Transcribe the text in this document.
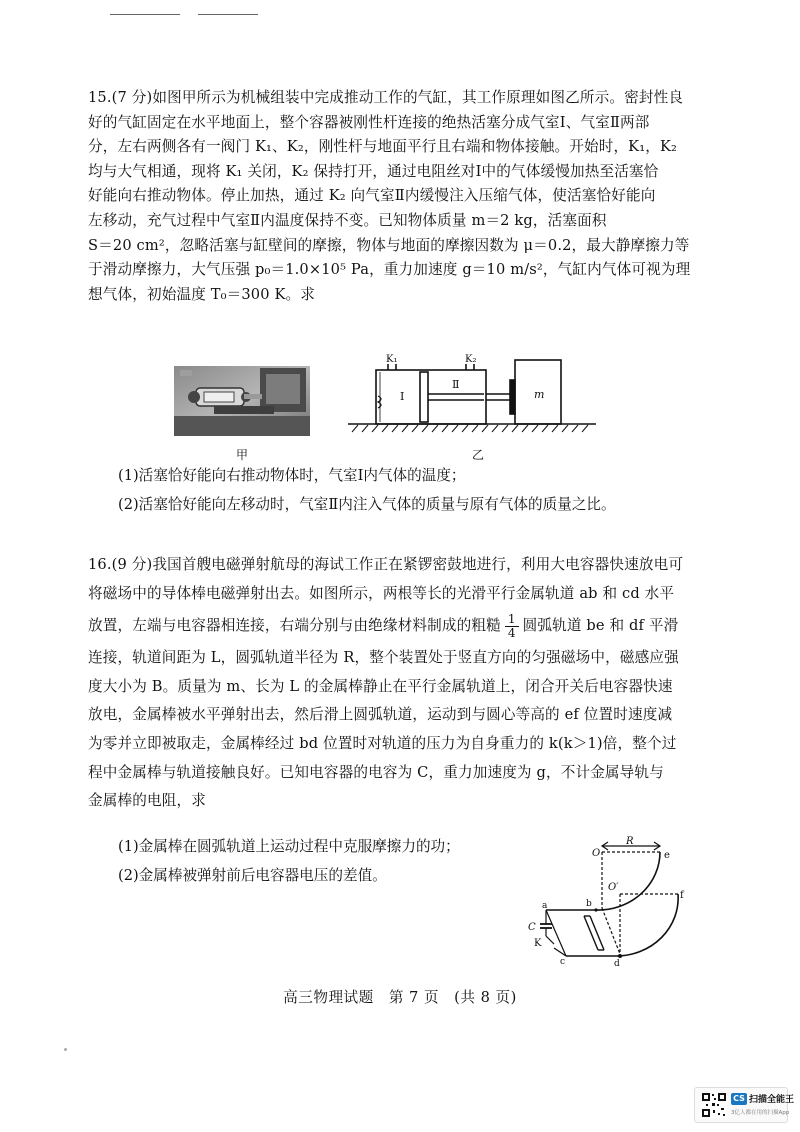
15.(7 分)如图甲所示为机械组装中完成推动工作的气缸，其工作原理如图乙所示。密封性良
好的气缸固定在水平地面上，整个容器被刚性杆连接的绝热活塞分成气室Ⅰ、气室Ⅱ两部
分，左右两侧各有一阀门 K₁、K₂，刚性杆与地面平行且右端和物体接触。开始时，K₁，K₂
均与大气相通，现将 K₁ 关闭，K₂ 保持打开，通过电阻丝对Ⅰ中的气体缓慢加热至活塞恰
好能向右推动物体。停止加热，通过 K₂ 向气室Ⅱ内缓慢注入压缩气体，使活塞恰好能向
左移动，充气过程中气室Ⅱ内温度保持不变。已知物体质量 m＝2 kg，活塞面积
S＝20 cm²，忽略活塞与缸壁间的摩擦，物体与地面的摩擦因数为 μ＝0.2，最大静摩擦力等
于滑动摩擦力，大气压强 p₀＝1.0×10⁵ Pa，重力加速度 g＝10 m/s²，气缸内气体可视为理
想气体，初始温度 T₀＝300 K。求
甲
K₁	K₂
Ⅰ
Ⅱ
m
乙
(1)活塞恰好能向右推动物体时，气室Ⅰ内气体的温度；
(2)活塞恰好能向左移动时，气室Ⅱ内注入气体的质量与原有气体的质量之比。
16.(9 分)我国首艘电磁弹射航母的海试工作正在紧锣密鼓地进行，利用大电容器快速放电可
将磁场中的导体棒电磁弹射出去。如图所示，两根等长的光滑平行金属轨道 ab 和 cd 水平
放置，左端与电容器相连接，右端分别与由绝缘材料制成的粗糙 $\frac{1}{4}$ 圆弧轨道 be 和 df 平滑
连接，轨道间距为 L，圆弧轨道半径为 R，整个装置处于竖直方向的匀强磁场中，磁感应强
度大小为 B。质量为 m、长为 L 的金属棒静止在平行金属轨道上，闭合开关后电容器快速
放电，金属棒被水平弹射出去，然后滑上圆弧轨道，运动到与圆心等高的 ef 位置时速度减
为零并立即被取走，金属棒经过 bd 位置时对轨道的压力为自身重力的 k(k＞1)倍，整个过
程中金属棒与轨道接触良好。已知电容器的电容为 C，重力加速度为 g，不计金属导轨与
金属棒的电阻，求
(1)金属棒在圆弧轨道上运动过程中克服摩擦力的功；
(2)金属棒被弹射前后电容器电压的差值。
O
R
e
O′
f
a	b
C
K
c	d
高三物理试题　第 7 页　(共 8 页)
CS 扫描全能王
3亿人都在用的扫描App
